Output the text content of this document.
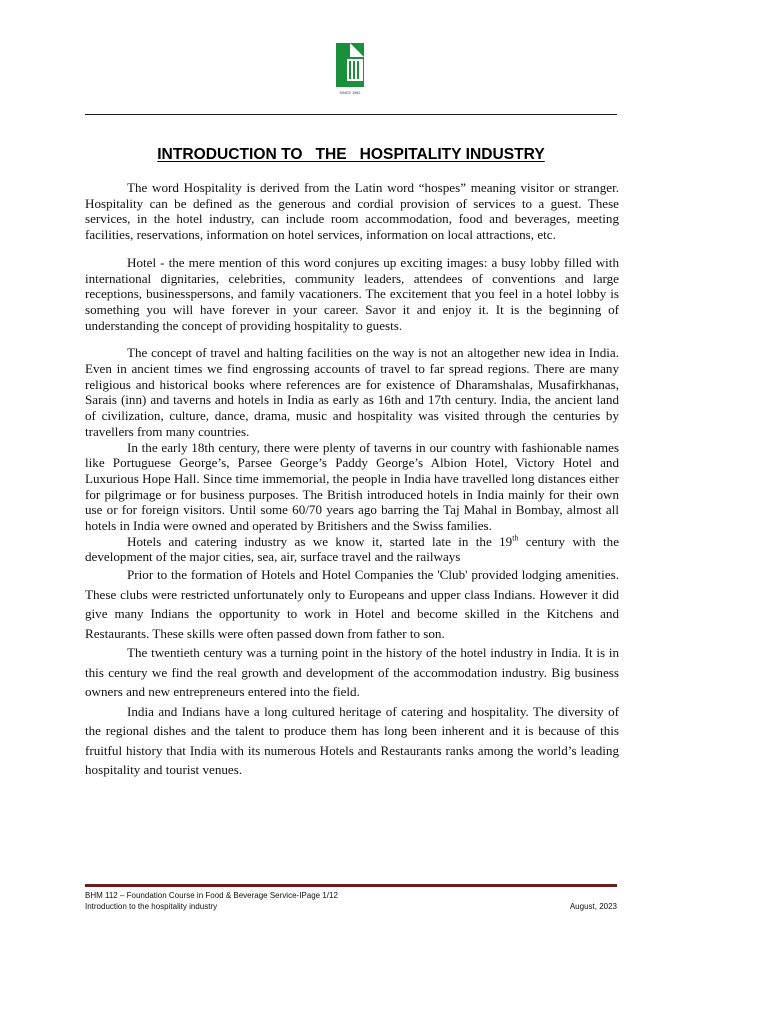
SINCE 1982
INTRODUCTION TO   THE   HOSPITALITY INDUSTRY

The word Hospitality is derived from the Latin word “hospes” meaning visitor or stranger. Hospitality can be defined as the generous and cordial provision of services to a guest. These services, in the hotel industry, can include room accommodation, food and beverages, meeting facilities, reservations, information on hotel services, information on local attractions, etc.

Hotel - the mere mention of this word conjures up exciting images: a busy lobby filled with international dignitaries, celebrities, community leaders, attendees of conventions and large receptions, businesspersons, and family vacationers. The excitement that you feel in a hotel lobby is something you will have forever in your career. Savor it and enjoy it. It is the beginning of understanding the concept of providing hospitality to guests.

The concept of travel and halting facilities on the way is not an altogether new idea in India. Even in ancient times we find engrossing accounts of travel to far spread regions. There are many religious and historical books where references are for existence of Dharamshalas, Musafirkhanas, Sarais (inn) and taverns and hotels in India as early as 16th and 17th century. India, the ancient land of civilization, culture, dance, drama, music and hospitality was visited through the centuries by travellers from many countries.

In the early 18th century, there were plenty of taverns in our country with fashionable names like Portuguese George’s, Parsee George’s Paddy George’s Albion Hotel, Victory Hotel and Luxurious Hope Hall. Since time immemorial, the people in India have travelled long distances either for pilgrimage or for business purposes. The British introduced hotels in India mainly for their own use or for foreign visitors. Until some 60/70 years ago barring the Taj Mahal in Bombay, almost all hotels in India were owned and operated by Britishers and the Swiss families.

Hotels and catering industry as we know it, started late in the 19th century with the development of the major cities, sea, air, surface travel and the railways

Prior to the formation of Hotels and Hotel Companies the 'Club' provided lodging amenities. These clubs were restricted unfortunately only to Europeans and upper class Indians. However it did give many Indians the opportunity to work in Hotel and become skilled in the Kitchens and Restaurants. These skills were often passed down from father to son.

The twentieth century was a turning point in the history of the hotel industry in India. It is in this century we find the real growth and development of the accommodation industry. Big business owners and new entrepreneurs entered into the field.

India and Indians have a long cultured heritage of catering and hospitality. The diversity of the regional dishes and the talent to produce them has long been inherent and it is because of this fruitful history that India with its numerous Hotels and Restaurants ranks among the world’s leading hospitality and tourist venues.

BHM 112 – Foundation Course in Food & Beverage Service-IPage 1/12
Introduction to the hospitality industry	August, 2023
